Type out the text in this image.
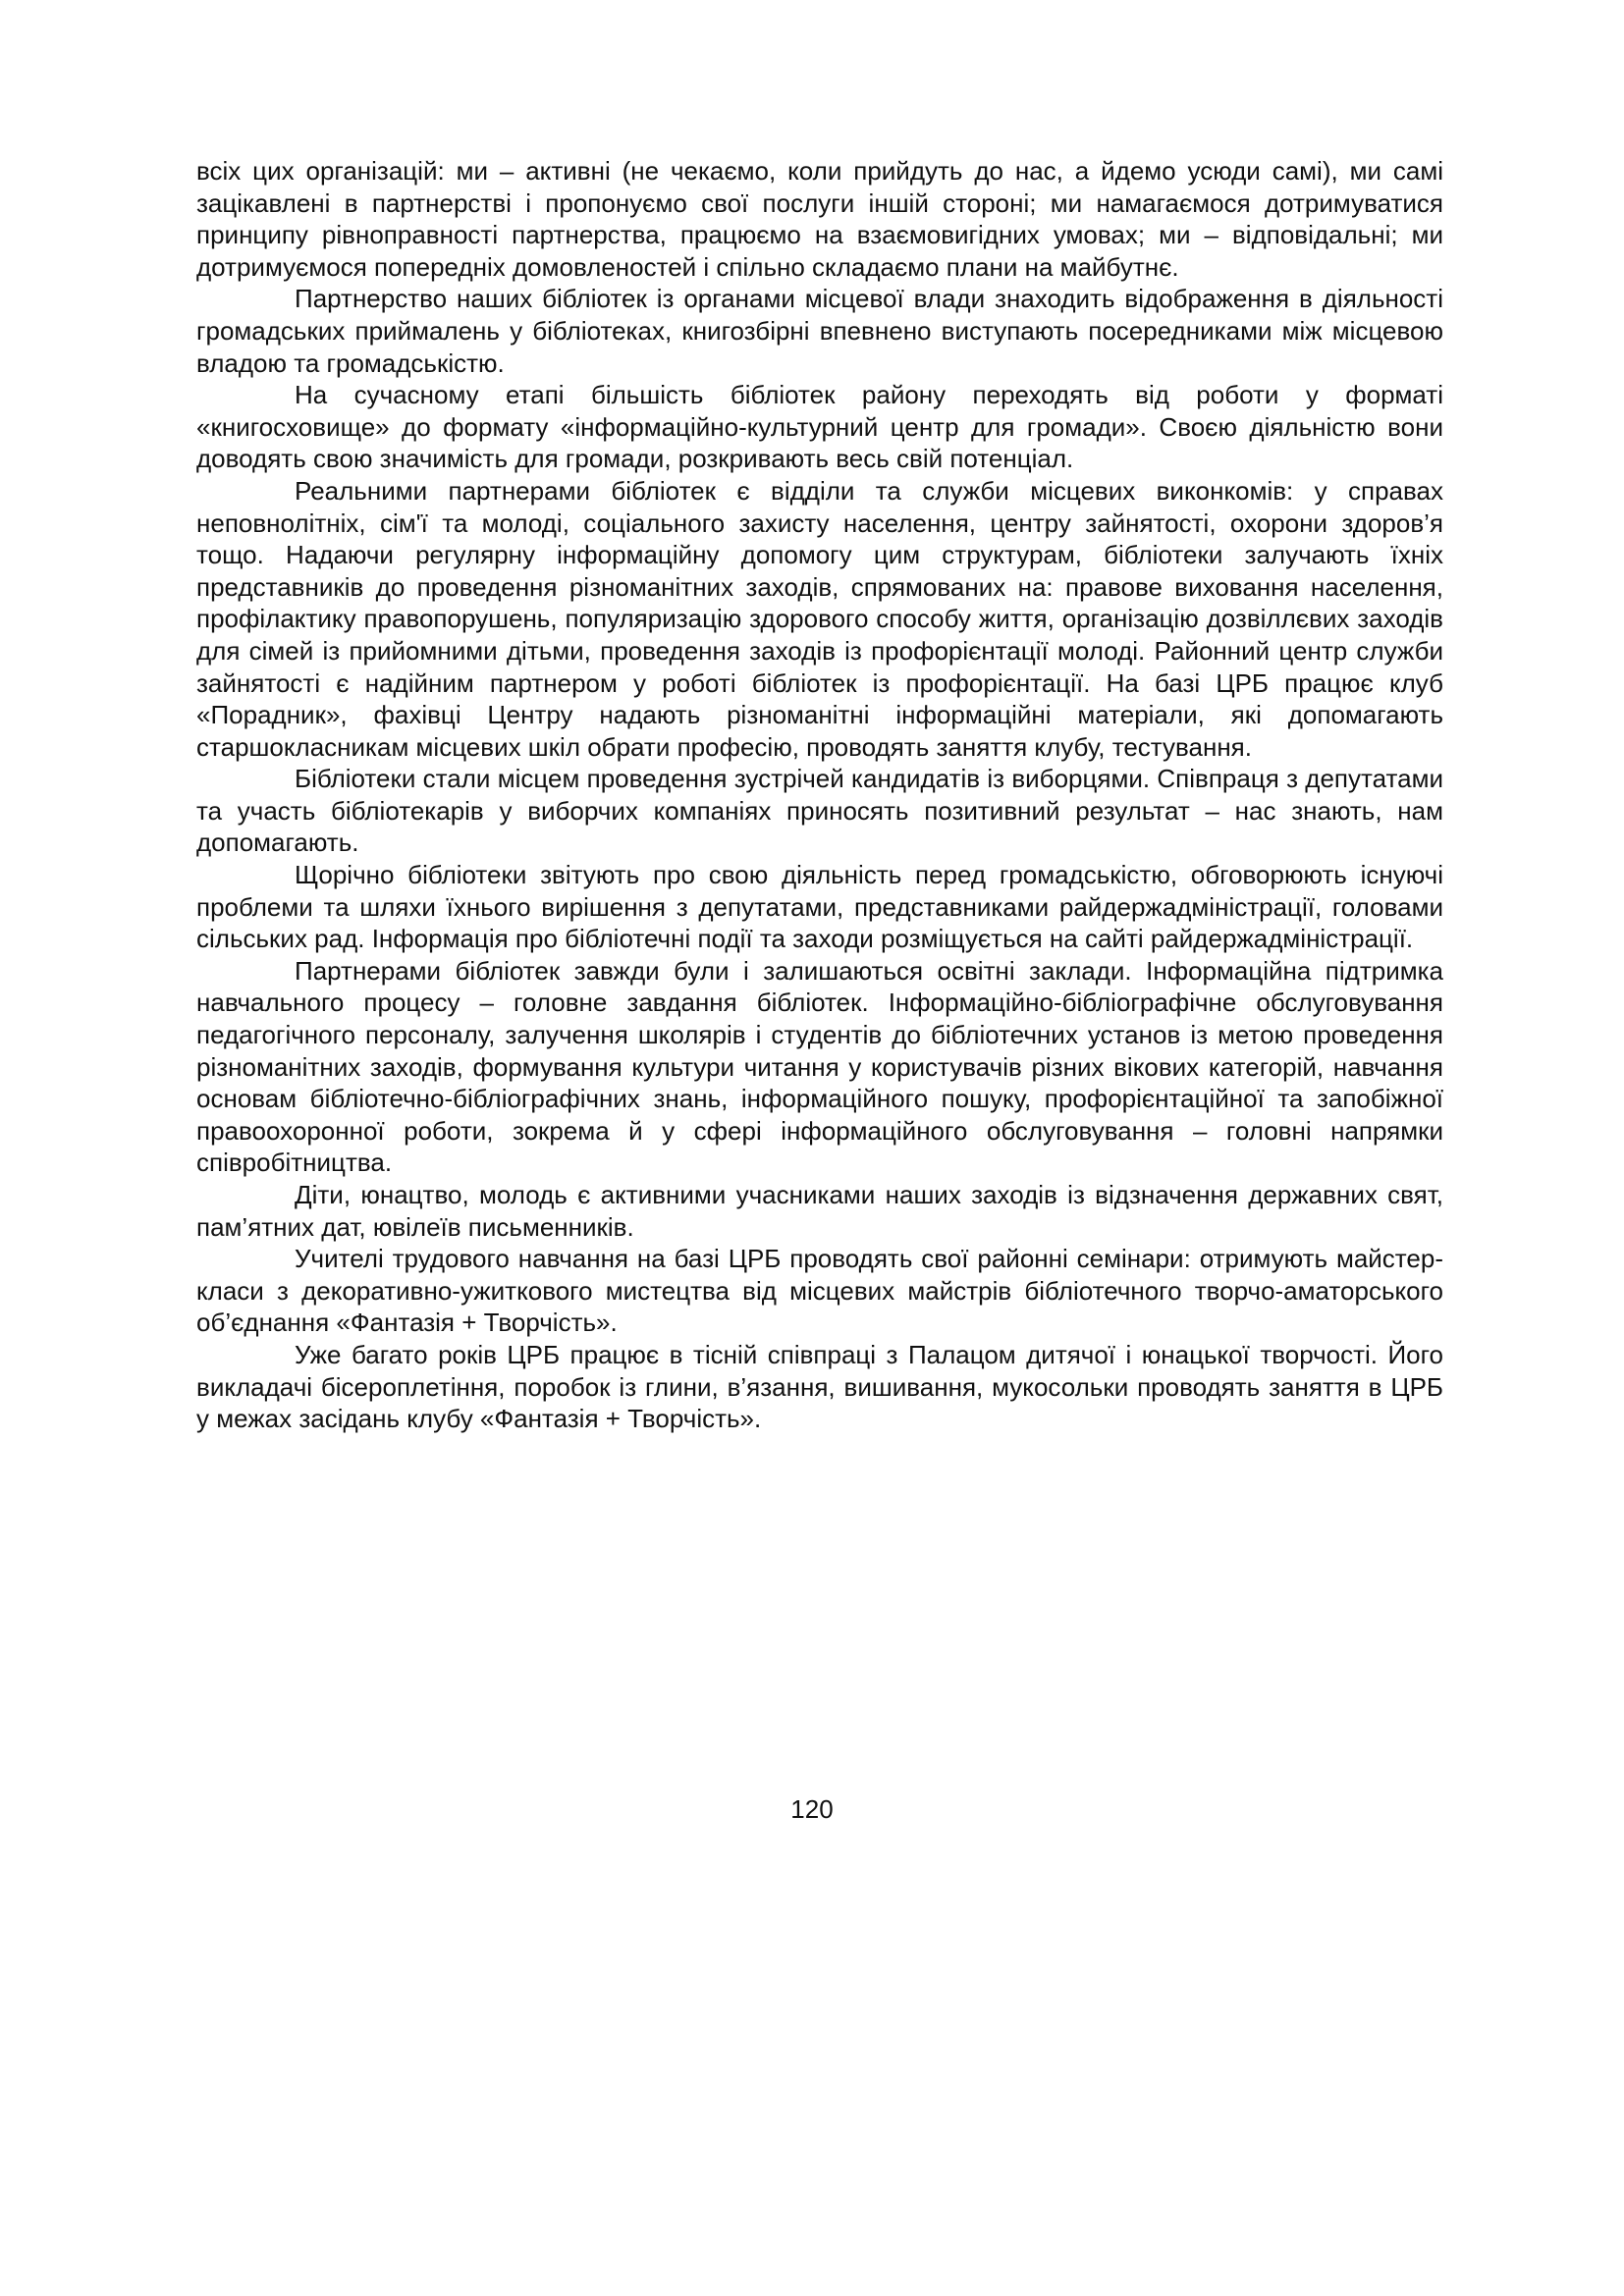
всіх цих організацій: ми – активні (не чекаємо, коли прийдуть до нас, а йдемо усюди самі), ми самі зацікавлені в партнерстві і пропонуємо свої послуги іншій стороні; ми намагаємося дотримуватися принципу рівноправності партнерства, працюємо на взаємовигідних умовах; ми – відповідальні; ми дотримуємося попередніх домовленостей і спільно складаємо плани на майбутнє.

Партнерство наших бібліотек із органами місцевої влади знаходить відображення в діяльності громадських приймалень у бібліотеках, книгозбірні впевнено виступають посередниками між місцевою владою та громадськістю.

На сучасному етапі більшість бібліотек району переходять від роботи у форматі «книгосховище» до формату «інформаційно-культурний центр для громади». Своєю діяльністю вони доводять свою значимість для громади, розкривають весь свій потенціал.

Реальними партнерами бібліотек є відділи та служби місцевих виконкомів: у справах неповнолітніх, сім'ї та молоді, соціального захисту населення, центру зайнятості, охорони здоров’я тощо. Надаючи регулярну інформаційну допомогу цим структурам, бібліотеки залучають їхніх представників до проведення різноманітних заходів, спрямованих на: правове виховання населення, профілактику правопорушень, популяризацію здорового способу життя, організацію дозвіллєвих заходів для сімей із прийомними дітьми, проведення заходів із профорієнтації молоді. Районний центр служби зайнятості є надійним партнером у роботі бібліотек із профорієнтації. На базі ЦРБ працює клуб «Порадник», фахівці Центру надають різноманітні інформаційні матеріали, які допомагають старшокласникам місцевих шкіл обрати професію, проводять заняття клубу, тестування.

Бібліотеки стали місцем проведення зустрічей кандидатів із виборцями. Співпраця з депутатами та участь бібліотекарів у виборчих компаніях приносять позитивний результат – нас знають, нам допомагають.

Щорічно бібліотеки звітують про свою діяльність перед громадськістю, обговорюють існуючі проблеми та шляхи їхнього вирішення з депутатами, представниками райдержадміністрації, головами сільських рад. Інформація про бібліотечні події та заходи розміщується на сайті райдержадміністрації.

Партнерами бібліотек завжди були і залишаються освітні заклади. Інформаційна підтримка навчального процесу – головне завдання бібліотек. Інформаційно-бібліографічне обслуговування педагогічного персоналу, залучення школярів і студентів до бібліотечних установ із метою проведення різноманітних заходів, формування культури читання у користувачів різних вікових категорій, навчання основам бібліотечно-бібліографічних знань, інформаційного пошуку, профорієнтаційної та запобіжної правоохоронної роботи, зокрема й у сфері інформаційного обслуговування – головні напрямки співробітництва.

Діти, юнацтво, молодь є активними учасниками наших заходів із відзначення державних свят, пам’ятних дат, ювілеїв письменників.

Учителі трудового навчання на базі ЦРБ проводять свої районні семінари: отримують майстер-класи з декоративно-ужиткового мистецтва від місцевих майстрів бібліотечного творчо-аматорського об’єднання «Фантазія + Творчість».

Уже багато років ЦРБ працює в тісній співпраці з Палацом дитячої і юнацької творчості. Його викладачі бісероплетіння, поробок із глини, в’язання, вишивання, мукосольки проводять заняття в ЦРБ у межах засідань клубу «Фантазія + Творчість».

120
